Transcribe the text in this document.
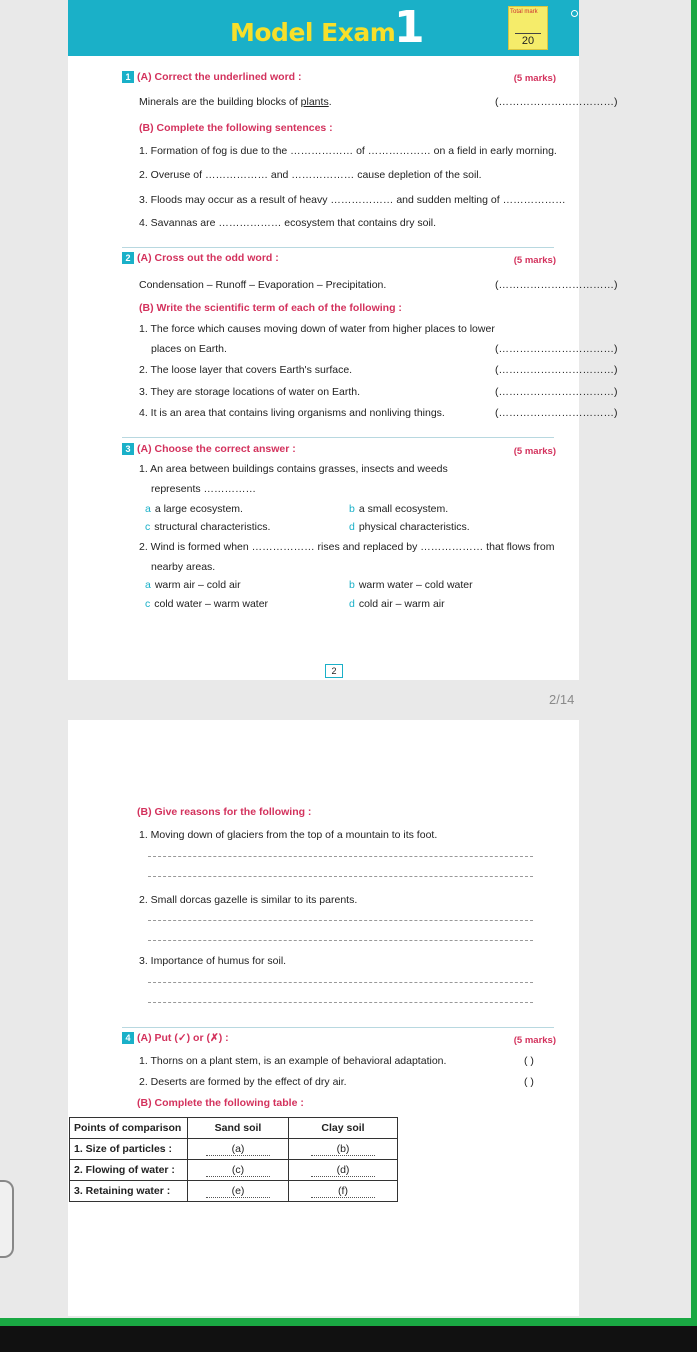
Model Exam
1	Total mark
20
1 (A) Correct the underlined word :	(5 marks)
Minerals are the building blocks of plants.	(……………………………)
(B) Complete the following sentences :
1. Formation of fog is due to the ……………… of ……………… on a field in early morning.
2. Overuse of ……………… and ……………… cause depletion of the soil.
3. Floods may occur as a result of heavy ……………… and sudden melting of ………………
4. Savannas are ……………… ecosystem that contains dry soil.
2 (A) Cross out the odd word :	(5 marks)
Condensation – Runoff – Evaporation – Precipitation.	(……………………………)
(B) Write the scientific term of each of the following :
1. The force which causes moving down of water from higher places to lower
places on Earth.	(……………………………)
2. The loose layer that covers Earth's surface.	(……………………………)
3. They are storage locations of water on Earth.	(……………………………)
4. It is an area that contains living organisms and nonliving things.	(……………………………)
3 (A) Choose the correct answer :	(5 marks)
1. An area between buildings contains grasses, insects and weeds
represents ……………
a a large ecosystem.	b a small ecosystem.
c structural characteristics.	d physical characteristics.
2. Wind is formed when ……………… rises and replaced by ……………… that flows from
nearby areas.
a warm air – cold air	b warm water – cold water
c cold water – warm water	d cold air – warm air
2
2/14
(B) Give reasons for the following :
1. Moving down of glaciers from the top of a mountain to its foot.
2. Small dorcas gazelle is similar to its parents.
3. Importance of humus for soil.
4 (A) Put (✓) or (✗) :	(5 marks)
1. Thorns on a plant stem, is an example of behavioral adaptation.	( )
2. Deserts are formed by the effect of dry air.	( )
(B) Complete the following table :
Points of comparison	Sand soil	Clay soil
1. Size of particles :	(a)	(b)
2. Flowing of water :	(c)	(d)
3. Retaining water :	(e)	(f)
